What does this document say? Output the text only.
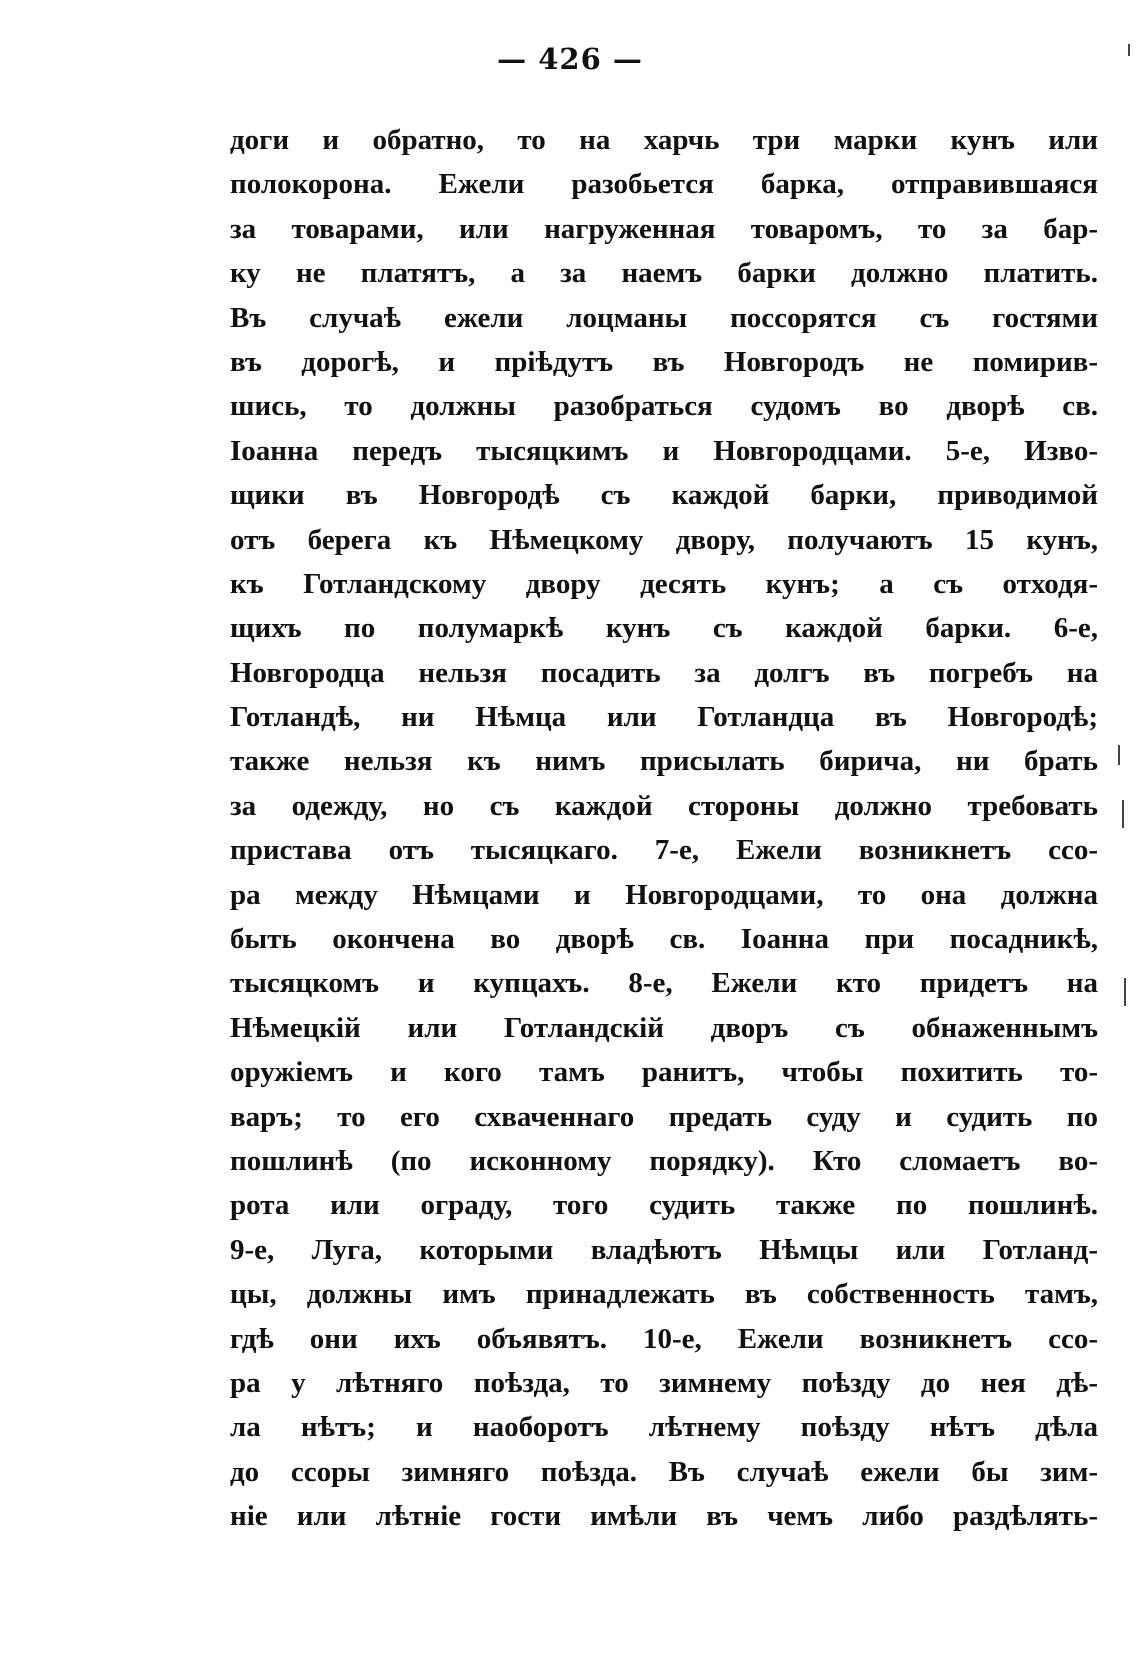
— 426 —
доги и обратно, то на харчь три марки кунъ или
полокорона. Ежели разобьется барка, отправившаяся
за товарами, или нагруженная товаромъ, то за бар-
ку не платятъ, а за наемъ барки должно платить.
Въ случаѣ ежели лоцманы поссорятся съ гостями
въ дорогѣ, и пріѣдутъ въ Новгородъ не помирив-
шись, то должны разобраться судомъ во дворѣ св.
Іоанна передъ тысяцкимъ и Новгородцами. 5-е, Изво-
щики въ Новгородѣ съ каждой барки, приводимой
отъ берега къ Нѣмецкому двору, получаютъ 15 кунъ,
къ Готландскому двору десять кунъ; а съ отходя-
щихъ по полумаркѣ кунъ съ каждой барки. 6-е,
Новгородца нельзя посадить за долгъ въ погребъ на
Готландѣ, ни Нѣмца или Готландца въ Новгородѣ;
также нельзя къ нимъ присылать бирича, ни брать
за одежду, но съ каждой стороны должно требовать
пристава отъ тысяцкаго. 7-е, Ежели возникнетъ ссо-
ра между Нѣмцами и Новгородцами, то она должна
быть окончена во дворѣ св. Іоанна при посадникѣ,
тысяцкомъ и купцахъ. 8-е, Ежели кто придетъ на
Нѣмецкій или Готландскій дворъ съ обнаженнымъ
оружіемъ и кого тамъ ранитъ, чтобы похитить то-
варъ; то его схваченнаго предать суду и судить по
пошлинѣ (по исконному порядку). Кто сломаетъ во-
рота или ограду, того судить также по пошлинѣ.
9-е, Луга, которыми владѣютъ Нѣмцы или Готланд-
цы, должны имъ принадлежать въ собственность тамъ,
гдѣ они ихъ объявятъ. 10-е, Ежели возникнетъ ссо-
ра у лѣтняго поѣзда, то зимнему поѣзду до нея дѣ-
ла нѣтъ; и наоборотъ лѣтнему поѣзду нѣтъ дѣла
до ссоры зимняго поѣзда. Въ случаѣ ежели бы зим-
ніе или лѣтніе гости имѣли въ чемъ либо раздѣлять-
